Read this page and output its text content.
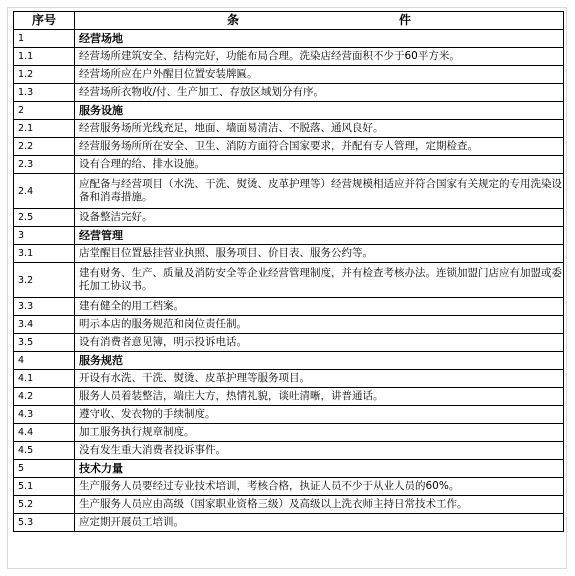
序号	条 件
1	经营场地
1.1	经营场所建筑安全、结构完好，功能布局合理。洗染店经营面积不少于60平方米。
1.2	经营场所应在户外醒目位置安装牌匾。
1.3	经营场所衣物收/付、生产加工、存放区域划分有序。
2	服务设施
2.1	经营服务场所光线充足，地面、墙面易清洁、不脱落、通风良好。
2.2	经营服务场所所在安全、卫生、消防方面符合国家要求，并配有专人管理，定期检查。
2.3	设有合理的给、排水设施。
2.4	应配备与经营项目（水洗、干洗、熨烫、皮革护理等）经营规模相适应并符合国家有关规定的专用洗染设备和消毒措施。
2.5	设备整洁完好。
3	经营管理
3.1	店堂醒目位置悬挂营业执照、服务项目、价目表、服务公约等。
3.2	建有财务、生产、质量及消防安全等企业经营管理制度，并有检查考核办法。连锁加盟门店应有加盟或委托加工协议书。
3.3	建有健全的用工档案。
3.4	明示本店的服务规范和岗位责任制。
3.5	设有消费者意见簿，明示投诉电话。
4	服务规范
4.1	开设有水洗、干洗、熨烫、皮革护理等服务项目。
4.2	服务人员着装整洁，端庄大方，热情礼貌，谈吐清晰，讲普通话。
4.3	遵守收、发衣物的手续制度。
4.4	加工服务执行规章制度。
4.5	没有发生重大消费者投诉事件。
5	技术力量
5.1	生产服务人员要经过专业技术培训，考核合格，执证人员不少于从业人员的60%。
5.2	生产服务人员应由高级（国家职业资格三级）及高级以上洗衣师主持日常技术工作。
5.3	应定期开展员工培训。
